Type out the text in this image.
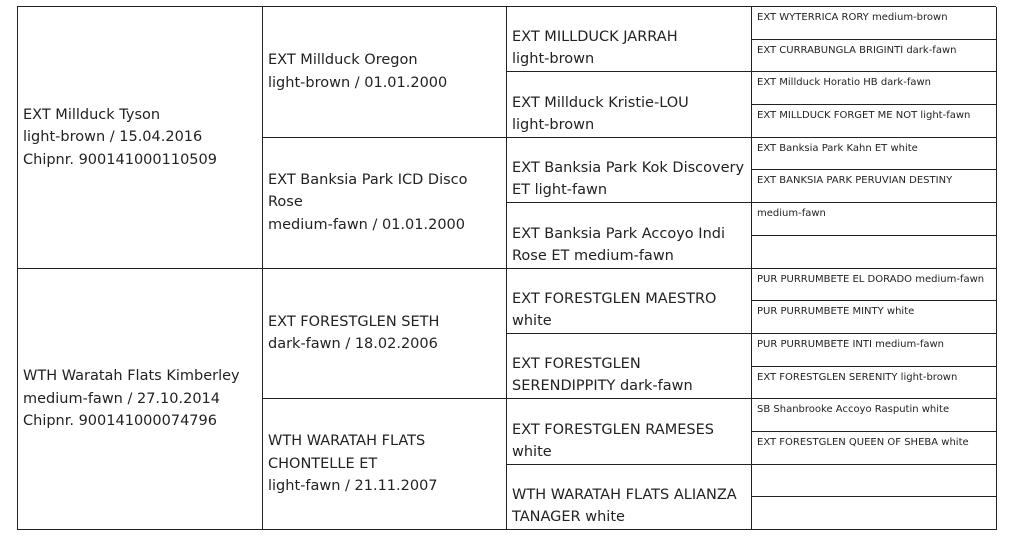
EXT Millduck Tyson
light-brown / 15.04.2016
Chipnr. 900141000110509
WTH Waratah Flats Kimberley
medium-fawn / 27.10.2014
Chipnr. 900141000074796
EXT Millduck Oregon
light-brown / 01.01.2000
EXT Banksia Park ICD Disco
Rose
medium-fawn / 01.01.2000
EXT FORESTGLEN SETH
dark-fawn / 18.02.2006
WTH WARATAH FLATS
CHONTELLE ET
light-fawn / 21.11.2007
EXT MILLDUCK JARRAH
light-brown
EXT Millduck Kristie-LOU
light-brown
EXT Banksia Park Kok Discovery
ET light-fawn
EXT Banksia Park Accoyo Indi
Rose ET medium-fawn
EXT FORESTGLEN MAESTRO
white
EXT FORESTGLEN
SERENDIPPITY dark-fawn
EXT FORESTGLEN RAMESES
white
WTH WARATAH FLATS ALIANZA
TANAGER white
EXT WYTERRICA RORY medium-brown
EXT CURRABUNGLA BRIGINTI dark-fawn
EXT Millduck Horatio HB dark-fawn
EXT MILLDUCK FORGET ME NOT light-fawn
EXT Banksia Park Kahn ET white
EXT BANKSIA PARK PERUVIAN DESTINY
medium-fawn
PUR PURRUMBETE EL DORADO medium-fawn
PUR PURRUMBETE MINTY white
PUR PURRUMBETE INTI medium-fawn
EXT FORESTGLEN SERENITY light-brown
SB Shanbrooke Accoyo Rasputin white
EXT FORESTGLEN QUEEN OF SHEBA white
